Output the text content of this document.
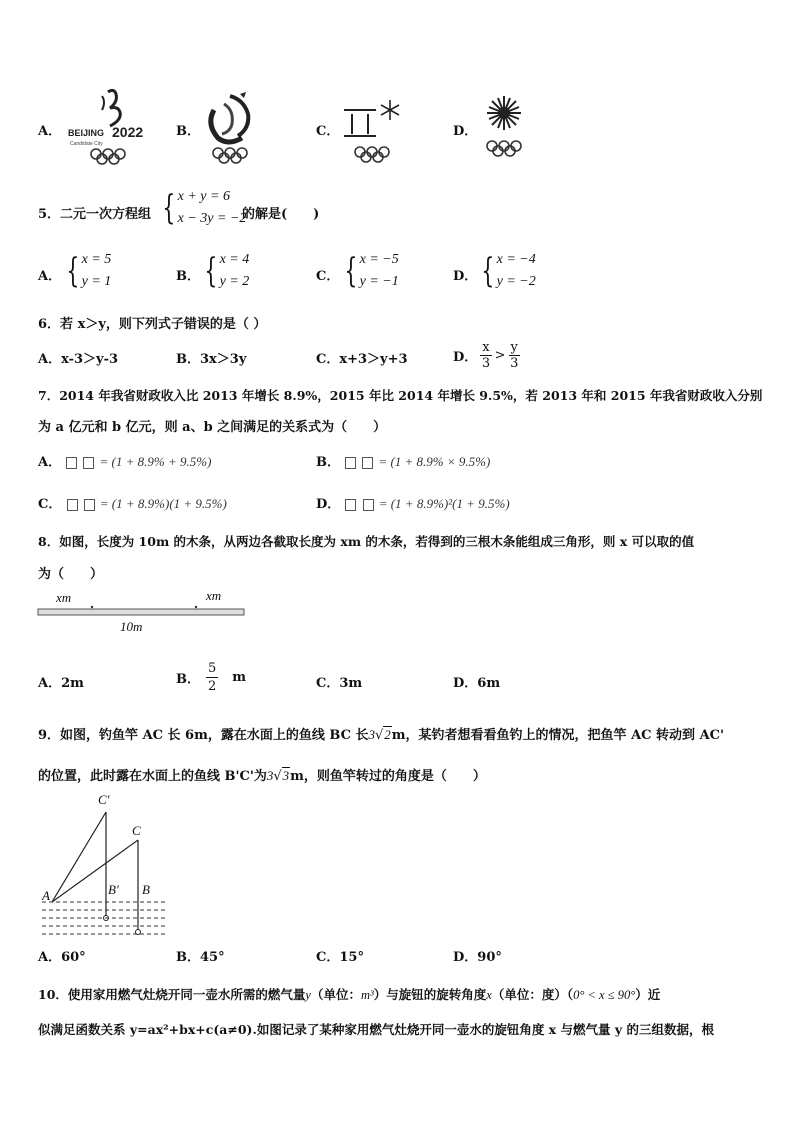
A． BEIJING 2022
Candidate City
B．	C．	D．
5．二元一次方程组 { x + y = 6
x − 3y = −2
的解是(　　)
A． { x = 5
y = 1	B． { x = 4
y = 2	C． { x = −5
y = −1	D． { x = −4
y = −2
6．若 x＞y，则下列式子错误的是（ ）
A．x-3＞y-3	B．3x＞3y	C．x+3＞y+3	D． $\frac{x}{3} > \frac{y}{3}$
7．2014 年我省财政收入比 2013 年增长 8.9%，2015 年比 2014 年增长 9.5%，若 2013 年和 2015 年我省财政收入分别
为 a 亿元和 b 亿元，则 a、b 之间满足的关系式为（　　）
A．	= (1 + 8.9% + 9.5%)	B．	= (1 + 8.9% × 9.5%)
C．	= (1 + 8.9%)(1 + 9.5%)	D．	= (1 + 8.9%)²(1 + 9.5%)
8．如图，长度为 10m 的木条，从两边各截取长度为 xm 的木条，若得到的三根木条能组成三角形，则 x 可以取的值
为（　　）
xm	xm
10m
A．2m	B． $\frac{5}{2}$ m	C．3m	D．6m
9．如图，钓鱼竿 AC 长 6m，露在水面上的鱼线 BC 长3√2m，某钓者想看看鱼钓上的情况，把鱼竿 AC 转动到 AC'
的位置，此时露在水面上的鱼线 B'C'为3√3m，则鱼竿转过的角度是（　　）
A	B
B′
C
C′
A．60°	B．45°	C．15°	D．90°
10．使用家用燃气灶烧开同一壶水所需的燃气量y（单位：m³）与旋钮的旋转角度x（单位：度）（0° < x ≤ 90°）近
似满足函数关系 y=ax²+bx+c(a≠0).如图记录了某种家用燃气灶烧开同一壶水的旋钮角度 x 与燃气量 y 的三组数据，根
